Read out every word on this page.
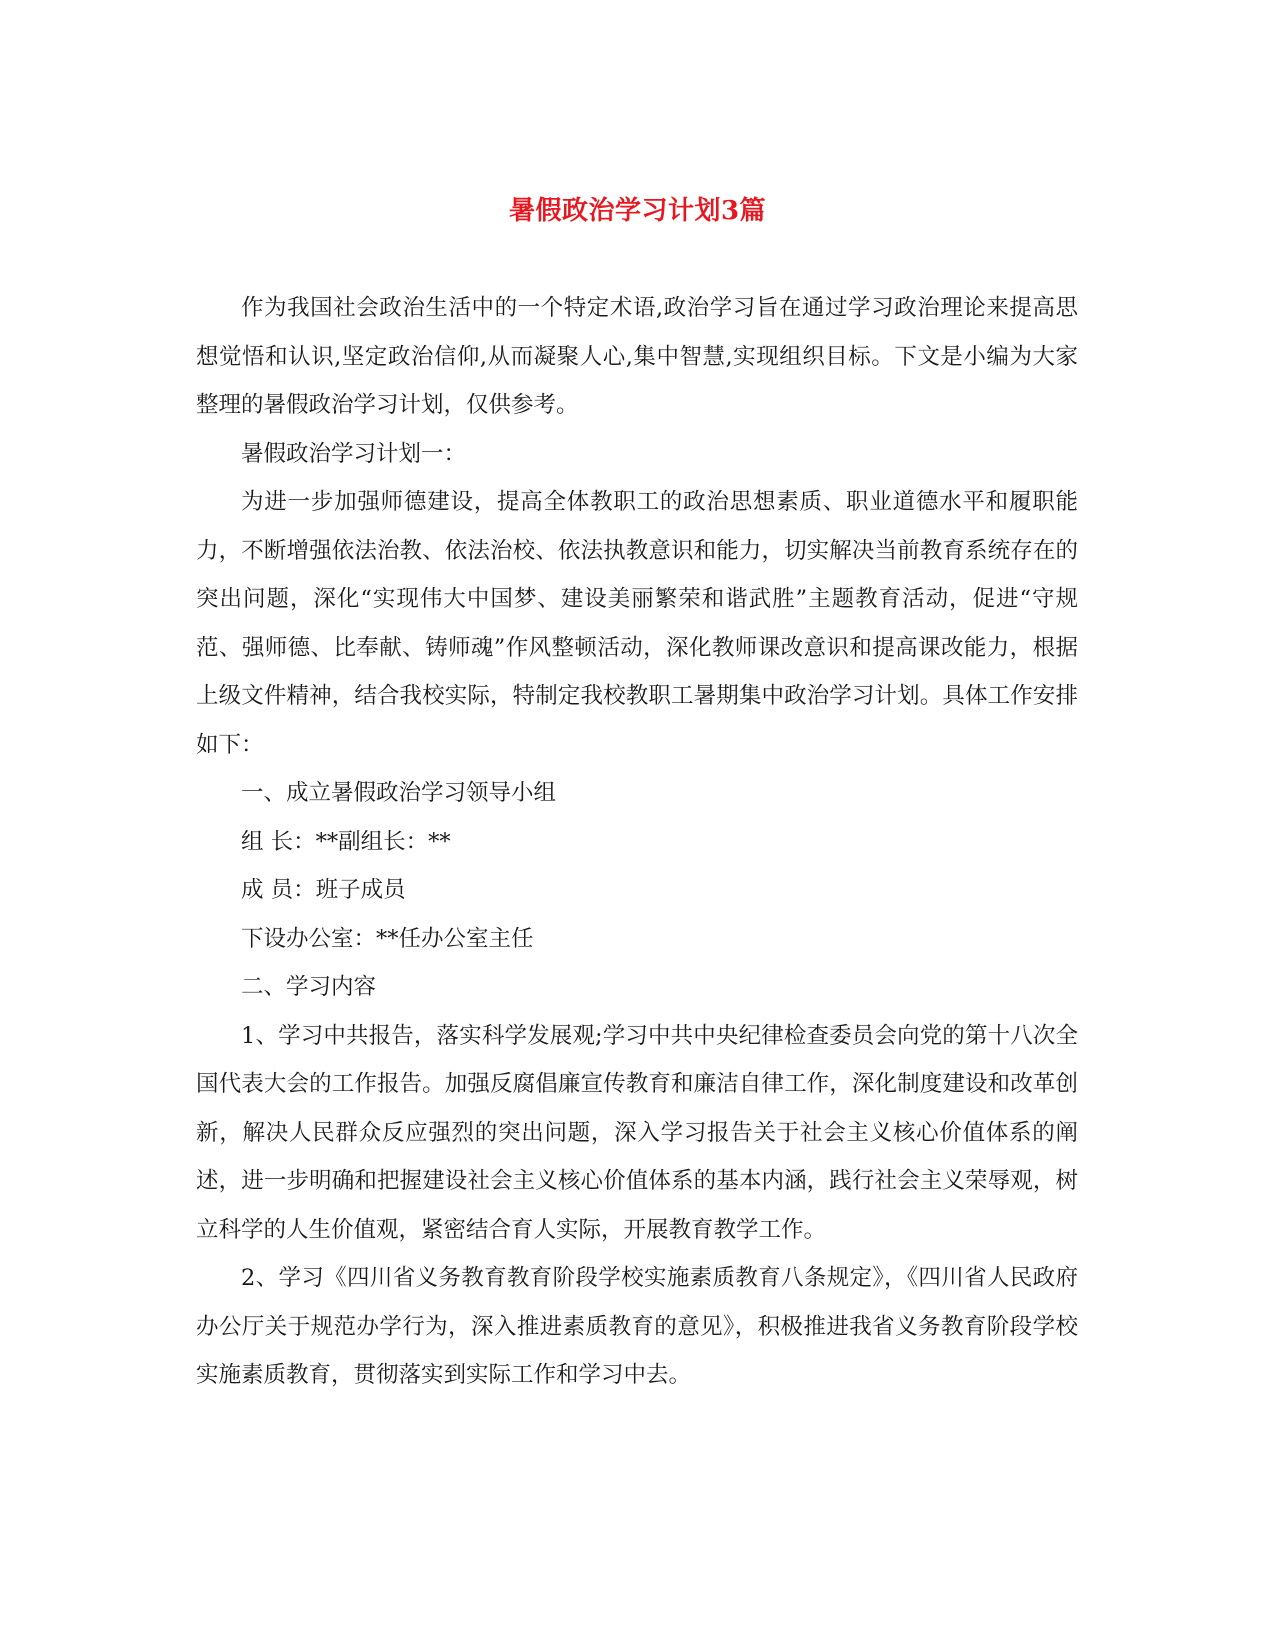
暑假政治学习计划3篇

作为我国社会政治生活中的一个特定术语,政治学习旨在通过学习政治理论来提高思想觉悟和认识,坚定政治信仰,从而凝聚人心,集中智慧,实现组织目标。下文是小编为大家整理的暑假政治学习计划，仅供参考。

暑假政治学习计划一：

为进一步加强师德建设，提高全体教职工的政治思想素质、职业道德水平和履职能力，不断增强依法治教、依法治校、依法执教意识和能力，切实解决当前教育系统存在的突出问题，深化“实现伟大中国梦、建设美丽繁荣和谐武胜”主题教育活动，促进“守规范、强师德、比奉献、铸师魂”作风整顿活动，深化教师课改意识和提高课改能力，根据上级文件精神，结合我校实际，特制定我校教职工暑期集中政治学习计划。具体工作安排如下：

一、成立暑假政治学习领导小组

组 长：**副组长：**

成 员：班子成员

下设办公室：**任办公室主任

二、学习内容

1、学习中共报告，落实科学发展观;学习中共中央纪律检查委员会向党的第十八次全国代表大会的工作报告。加强反腐倡廉宣传教育和廉洁自律工作，深化制度建设和改革创新，解决人民群众反应强烈的突出问题，深入学习报告关于社会主义核心价值体系的阐述，进一步明确和把握建设社会主义核心价值体系的基本内涵，践行社会主义荣辱观，树立科学的人生价值观，紧密结合育人实际，开展教育教学工作。

2、学习《四川省义务教育教育阶段学校实施素质教育八条规定》，《四川省人民政府办公厅关于规范办学行为，深入推进素质教育的意见》，积极推进我省义务教育阶段学校实施素质教育，贯彻落实到实际工作和学习中去。
